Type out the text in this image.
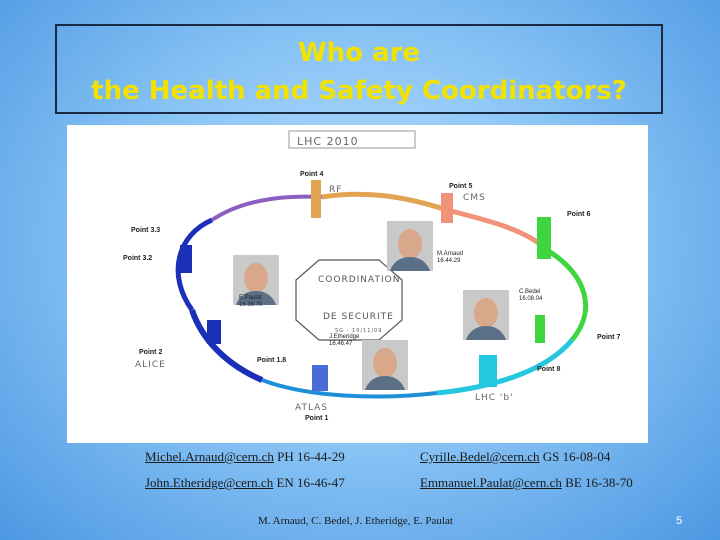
Who are
the Health and Safety Coordinators?
LHC 2010
Point 4
Point 5
Point 6
Point 7
Point 8
Point 1
Point 1.8
Point 2
Point 3.2
Point 3.3
RF
CMS
ALICE
ATLAS
LHC 'b'
COORDINATION
DE SECURITE
SG - 10/11/09
M.Arnaud
16.44.29
E.Paulat
16.38.70
C.Bedel
16.08.04
J.Etheridge
16.46.47
Michel.Arnaud@cern.ch PH 16-44-29	Cyrille.Bedel@cern.ch GS 16-08-04
John.Etheridge@cern.ch EN 16-46-47	Emmanuel.Paulat@cern.ch BE 16-38-70
M. Arnaud, C. Bedel, J. Etheridge, E. Paulat	5
